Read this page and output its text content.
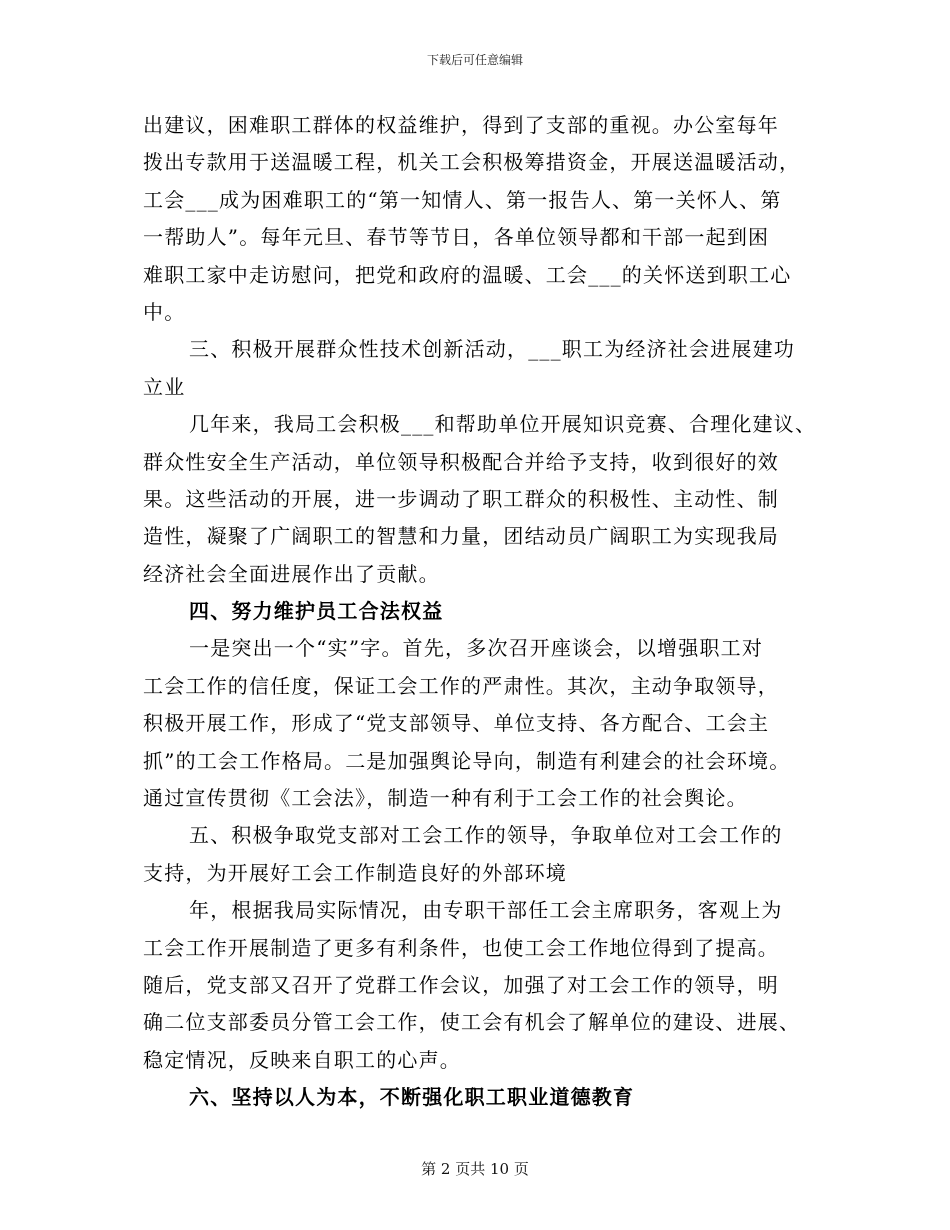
下载后可任意编辑
出建议，困难职工群体的权益维护，得到了支部的重视。办公室每年
拨出专款用于送温暖工程，机关工会积极筹措资金，开展送温暖活动，
工会___成为困难职工的“第一知情人、第一报告人、第一关怀人、第
一帮助人”。每年元旦、春节等节日，各单位领导都和干部一起到困
难职工家中走访慰问，把党和政府的温暖、工会___的关怀送到职工心
中。
三、积极开展群众性技术创新活动，___职工为经济社会进展建功
立业
几年来，我局工会积极___和帮助单位开展知识竞赛、合理化建议、
群众性安全生产活动，单位领导积极配合并给予支持，收到很好的效
果。这些活动的开展，进一步调动了职工群众的积极性、主动性、制
造性，凝聚了广阔职工的智慧和力量，团结动员广阔职工为实现我局
经济社会全面进展作出了贡献。
四、努力维护员工合法权益
一是突出一个“实”字。首先，多次召开座谈会，以增强职工对
工会工作的信任度，保证工会工作的严肃性。其次，主动争取领导，
积极开展工作，形成了“党支部领导、单位支持、各方配合、工会主
抓”的工会工作格局。二是加强舆论导向，制造有利建会的社会环境。
通过宣传贯彻《工会法》，制造一种有利于工会工作的社会舆论。
五、积极争取党支部对工会工作的领导，争取单位对工会工作的
支持，为开展好工会工作制造良好的外部环境
年，根据我局实际情况，由专职干部任工会主席职务，客观上为
工会工作开展制造了更多有利条件，也使工会工作地位得到了提高。
随后，党支部又召开了党群工作会议，加强了对工会工作的领导，明
确二位支部委员分管工会工作，使工会有机会了解单位的建设、进展、
稳定情况，反映来自职工的心声。
六、坚持以人为本，不断强化职工职业道德教育
第 2 页共 10 页
